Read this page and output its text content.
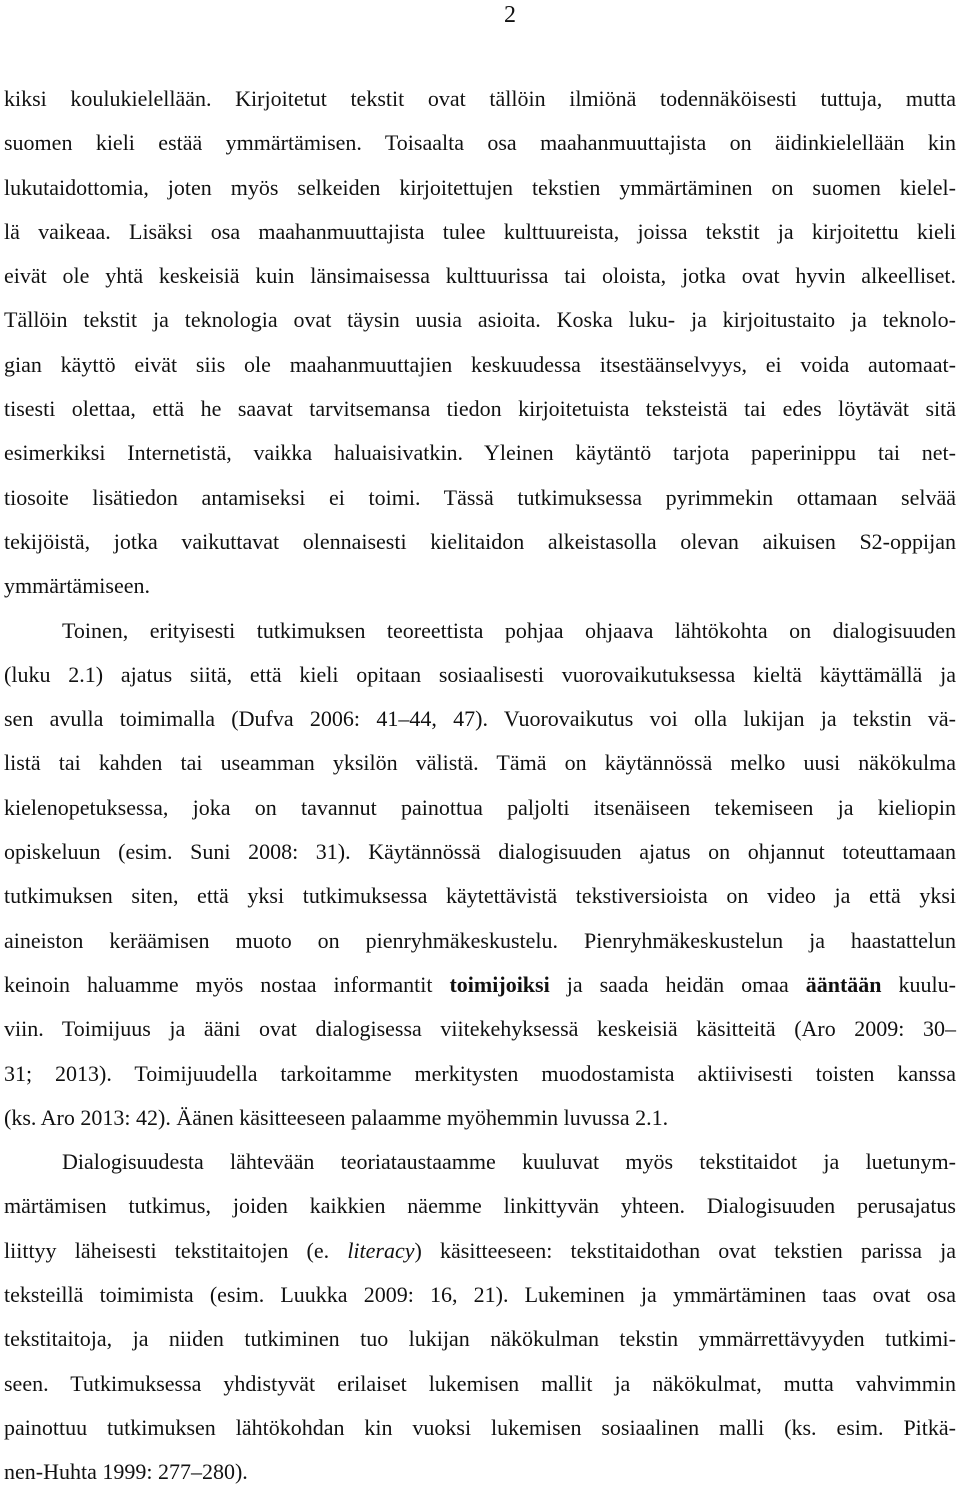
2
kiksi koulukielellään. Kirjoitetut tekstit ovat tällöin ilmiönä todennäköisesti tuttuja, mutta
suomen kieli estää ymmärtämisen. Toisaalta osa maahanmuuttajista on äidinkielellään kin
lukutaidottomia, joten myös selkeiden kirjoitettujen tekstien ymmärtäminen on suomen kielel-
lä vaikeaa. Lisäksi osa maahanmuuttajista tulee kulttuureista, joissa tekstit ja kirjoitettu kieli
eivät ole yhtä keskeisiä kuin länsimaisessa kulttuurissa tai oloista, jotka ovat hyvin alkeelliset.
Tällöin tekstit ja teknologia ovat täysin uusia asioita. Koska luku- ja kirjoitustaito ja teknolo-
gian käyttö eivät siis ole maahanmuuttajien keskuudessa itsestäänselvyys, ei voida automaat-
tisesti olettaa, että he saavat tarvitsemansa tiedon kirjoitetuista teksteistä tai edes löytävät sitä
esimerkiksi Internetistä, vaikka haluaisivatkin. Yleinen käytäntö tarjota paperinippu tai net-
tiosoite lisätiedon antamiseksi ei toimi. Tässä tutkimuksessa pyrimmekin ottamaan selvää
tekijöistä, jotka vaikuttavat olennaisesti kielitaidon alkeistasolla olevan aikuisen S2-oppijan
ymmärtämiseen.
Toinen, erityisesti tutkimuksen teoreettista pohjaa ohjaava lähtökohta on dialogisuuden
(luku 2.1) ajatus siitä, että kieli opitaan sosiaalisesti vuorovaikutuksessa kieltä käyttämällä ja
sen avulla toimimalla (Dufva 2006: 41–44, 47). Vuorovaikutus voi olla lukijan ja tekstin vä-
listä tai kahden tai useamman yksilön välistä. Tämä on käytännössä melko uusi näkökulma
kielenopetuksessa, joka on tavannut painottua paljolti itsenäiseen tekemiseen ja kieliopin
opiskeluun (esim. Suni 2008: 31). Käytännössä dialogisuuden ajatus on ohjannut toteuttamaan
tutkimuksen siten, että yksi tutkimuksessa käytettävistä tekstiversioista on video ja että yksi
aineiston keräämisen muoto on pienryhmäkeskustelu. Pienryhmäkeskustelun ja haastattelun
keinoin haluamme myös nostaa informantit toimijoiksi ja saada heidän omaa ääntään kuulu-
viin. Toimijuus ja ääni ovat dialogisessa viitekehyksessä keskeisiä käsitteitä (Aro 2009: 30–
31; 2013). Toimijuudella tarkoitamme merkitysten muodostamista aktiivisesti toisten kanssa
(ks. Aro 2013: 42). Äänen käsitteeseen palaamme myöhemmin luvussa 2.1.
Dialogisuudesta lähtevään teoriataustaamme kuuluvat myös tekstitaidot ja luetunym-
märtämisen tutkimus, joiden kaikkien näemme linkittyvän yhteen. Dialogisuuden perusajatus
liittyy läheisesti tekstitaitojen (e. literacy) käsitteeseen: tekstitaidothan ovat tekstien parissa ja
teksteillä toimimista (esim. Luukka 2009: 16, 21). Lukeminen ja ymmärtäminen taas ovat osa
tekstitaitoja, ja niiden tutkiminen tuo lukijan näkökulman tekstin ymmärrettävyyden tutkimi-
seen. Tutkimuksessa yhdistyvät erilaiset lukemisen mallit ja näkökulmat, mutta vahvimmin
painottuu tutkimuksen lähtökohdan kin vuoksi lukemisen sosiaalinen malli (ks. esim. Pitkä-
nen-Huhta 1999: 277–280).
